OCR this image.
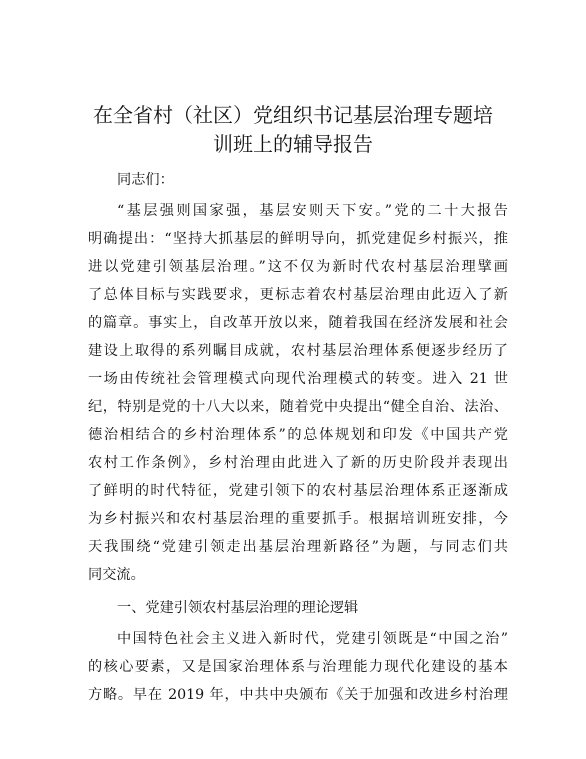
在全省村（社区）党组织书记基层治理专题培
训班上的辅导报告
同志们：
“基层强则国家强，基层安则天下安。”党的二十大报告
明确提出：“坚持大抓基层的鲜明导向，抓党建促乡村振兴，推
进以党建引领基层治理。”这不仅为新时代农村基层治理擘画
了总体目标与实践要求，更标志着农村基层治理由此迈入了新
的篇章。事实上，自改革开放以来，随着我国在经济发展和社会
建设上取得的系列瞩目成就，农村基层治理体系便逐步经历了
一场由传统社会管理模式向现代治理模式的转变。进入 21 世
纪，特别是党的十八大以来，随着党中央提出“健全自治、法治、
德治相结合的乡村治理体系”的总体规划和印发《中国共产党
农村工作条例》，乡村治理由此进入了新的历史阶段并表现出
了鲜明的时代特征，党建引领下的农村基层治理体系正逐渐成
为乡村振兴和农村基层治理的重要抓手。根据培训班安排，今
天我围绕“党建引领走出基层治理新路径”为题，与同志们共
同交流。
一、党建引领农村基层治理的理论逻辑
中国特色社会主义进入新时代，党建引领既是“中国之治”
的核心要素，又是国家治理体系与治理能力现代化建设的基本
方略。早在 2019 年，中共中央颁布《关于加强和改进乡村治理
